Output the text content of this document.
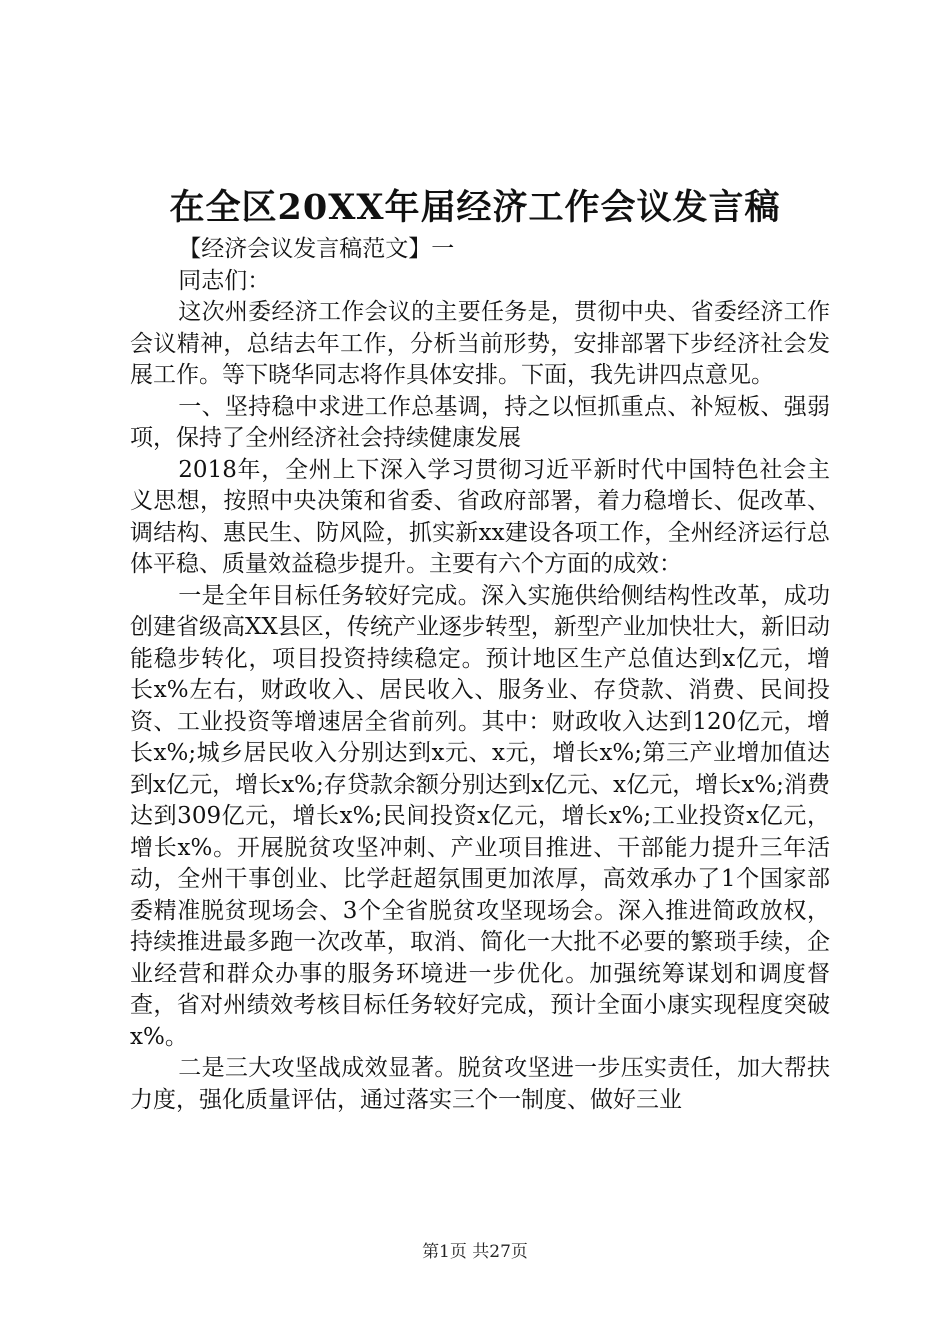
在全区20XX年届经济工作会议发言稿

【经济会议发言稿范文】一

同志们：

这次州委经济工作会议的主要任务是，贯彻中央、省委经济工作会议精神，总结去年工作，分析当前形势，安排部署下步经济社会发展工作。等下晓华同志将作具体安排。下面，我先讲四点意见。

一、坚持稳中求进工作总基调，持之以恒抓重点、补短板、强弱项，保持了全州经济社会持续健康发展

2018年，全州上下深入学习贯彻习近平新时代中国特色社会主义思想，按照中央决策和省委、省政府部署，着力稳增长、促改革、调结构、惠民生、防风险，抓实新xx建设各项工作，全州经济运行总体平稳、质量效益稳步提升。主要有六个方面的成效：

一是全年目标任务较好完成。深入实施供给侧结构性改革，成功创建省级高XX县区，传统产业逐步转型，新型产业加快壮大，新旧动能稳步转化，项目投资持续稳定。预计地区生产总值达到x亿元，增长x%左右，财政收入、居民收入、服务业、存贷款、消费、民间投资、工业投资等增速居全省前列。其中：财政收入达到120亿元，增长x%;城乡居民收入分别达到x元、x元，增长x%;第三产业增加值达到x亿元，增长x%;存贷款余额分别达到x亿元、x亿元，增长x%;消费达到309亿元，增长x%;民间投资x亿元，增长x%;工业投资x亿元，增长x%。开展脱贫攻坚冲刺、产业项目推进、干部能力提升三年活动，全州干事创业、比学赶超氛围更加浓厚，高效承办了1个国家部委精准脱贫现场会、3个全省脱贫攻坚现场会。深入推进简政放权，持续推进最多跑一次改革，取消、简化一大批不必要的繁琐手续，企业经营和群众办事的服务环境进一步优化。加强统筹谋划和调度督查，省对州绩效考核目标任务较好完成，预计全面小康实现程度突破x%。

二是三大攻坚战成效显著。脱贫攻坚进一步压实责任，加大帮扶力度，强化质量评估，通过落实三个一制度、做好三业

第1页 共27页
